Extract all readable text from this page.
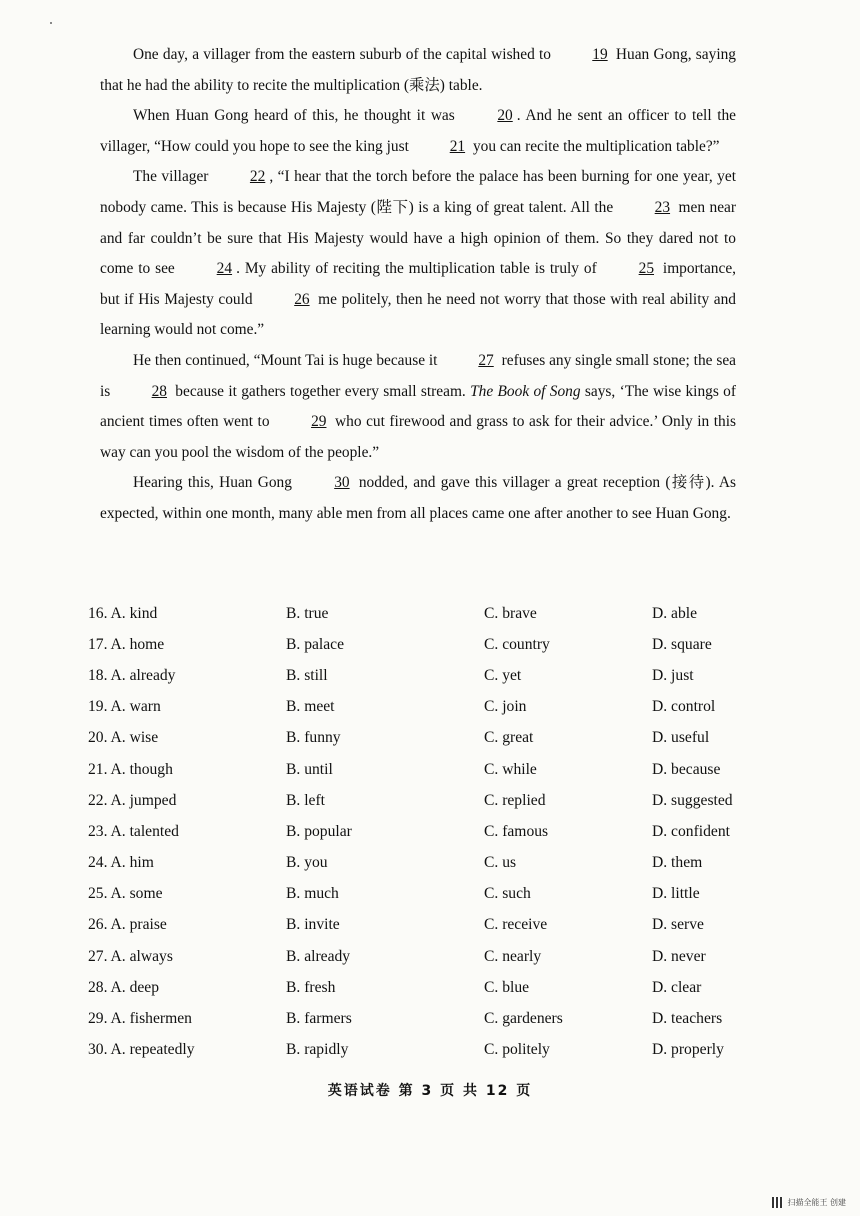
One day, a villager from the eastern suburb of the capital wished to 19 Huan Gong, saying that he had the ability to recite the multiplication (乘法) table.

When Huan Gong heard of this, he thought it was 20 . And he sent an officer to tell the villager, “How could you hope to see the king just 21 you can recite the multiplication table?”

The villager 22 , “I hear that the torch before the palace has been burning for one year, yet nobody came. This is because His Majesty (陛下) is a king of great talent. All the 23 men near and far couldn’t be sure that His Majesty would have a high opinion of them. So they dared not to come to see 24 . My ability of reciting the multiplication table is truly of 25 importance, but if His Majesty could 26 me politely, then he need not worry that those with real ability and learning would not come.”

He then continued, “Mount Tai is huge because it 27 refuses any single small stone; the sea is 28 because it gathers together every small stream. The Book of Song says, ‘The wise kings of ancient times often went to 29 who cut firewood and grass to ask for their advice.’ Only in this way can you pool the wisdom of the people.”

Hearing this, Huan Gong 30 nodded, and gave this villager a great reception (接待). As expected, within one month, many able men from all places came one after another to see Huan Gong.

16. A. kind	B. true	C. brave	D. able
17. A. home	B. palace	C. country	D. square
18. A. already	B. still	C. yet	D. just
19. A. warn	B. meet	C. join	D. control
20. A. wise	B. funny	C. great	D. useful
21. A. though	B. until	C. while	D. because
22. A. jumped	B. left	C. replied	D. suggested
23. A. talented	B. popular	C. famous	D. confident
24. A. him	B. you	C. us	D. them
25. A. some	B. much	C. such	D. little
26. A. praise	B. invite	C. receive	D. serve
27. A. always	B. already	C. nearly	D. never
28. A. deep	B. fresh	C. blue	D. clear
29. A. fishermen	B. farmers	C. gardeners	D. teachers
30. A. repeatedly	B. rapidly	C. politely	D. properly
英语试卷 第 3 页 共 12 页
扫描全能王 创建
